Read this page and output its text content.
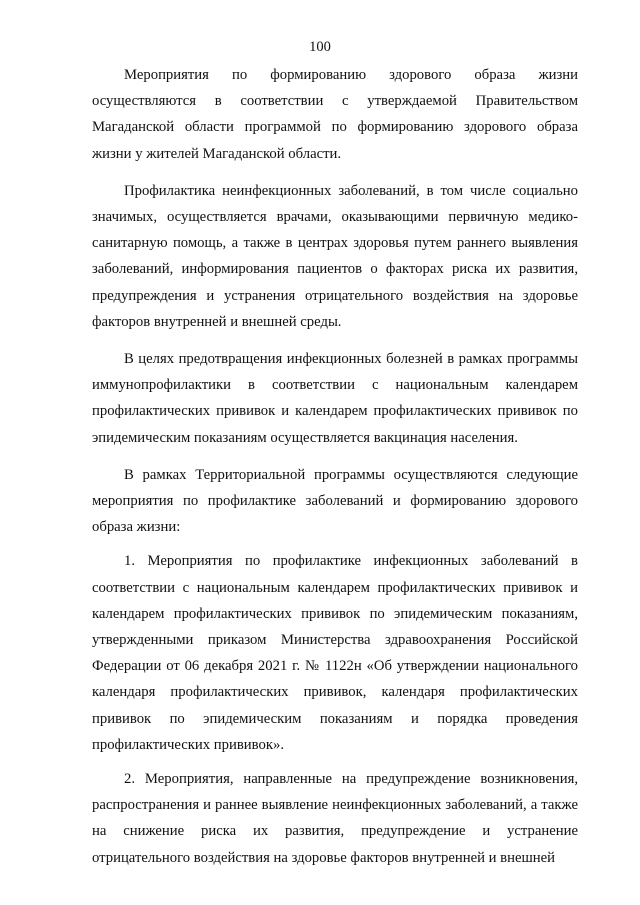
100

Мероприятия по формированию здорового образа жизни осуществляются в соответствии с утверждаемой Правительством Магаданской области программой по формированию здорового образа жизни у жителей Магаданской области.

Профилактика неинфекционных заболеваний, в том числе социально значимых, осуществляется врачами, оказывающими первичную медико-санитарную помощь, а также в центрах здоровья путем раннего выявления заболеваний, информирования пациентов о факторах риска их развития, предупреждения и устранения отрицательного воздействия на здоровье факторов внутренней и внешней среды.

В целях предотвращения инфекционных болезней в рамках программы иммунопрофилактики в соответствии с национальным календарем профилактических прививок и календарем профилактических прививок по эпидемическим показаниям осуществляется вакцинация населения.

В рамках Территориальной программы осуществляются следующие мероприятия по профилактике заболеваний и формированию здорового образа жизни:

1. Мероприятия по профилактике инфекционных заболеваний в соответствии с национальным календарем профилактических прививок и календарем профилактических прививок по эпидемическим показаниям, утвержденными приказом Министерства здравоохранения Российской Федерации от 06 декабря 2021 г. № 1122н «Об утверждении национального календаря профилактических прививок, календаря профилактических прививок по эпидемическим показаниям и порядка проведения профилактических прививок».

2. Мероприятия, направленные на предупреждение возникновения, распространения и раннее выявление неинфекционных заболеваний, а также на снижение риска их развития, предупреждение и устранение отрицательного воздействия на здоровье факторов внутренней и внешней
